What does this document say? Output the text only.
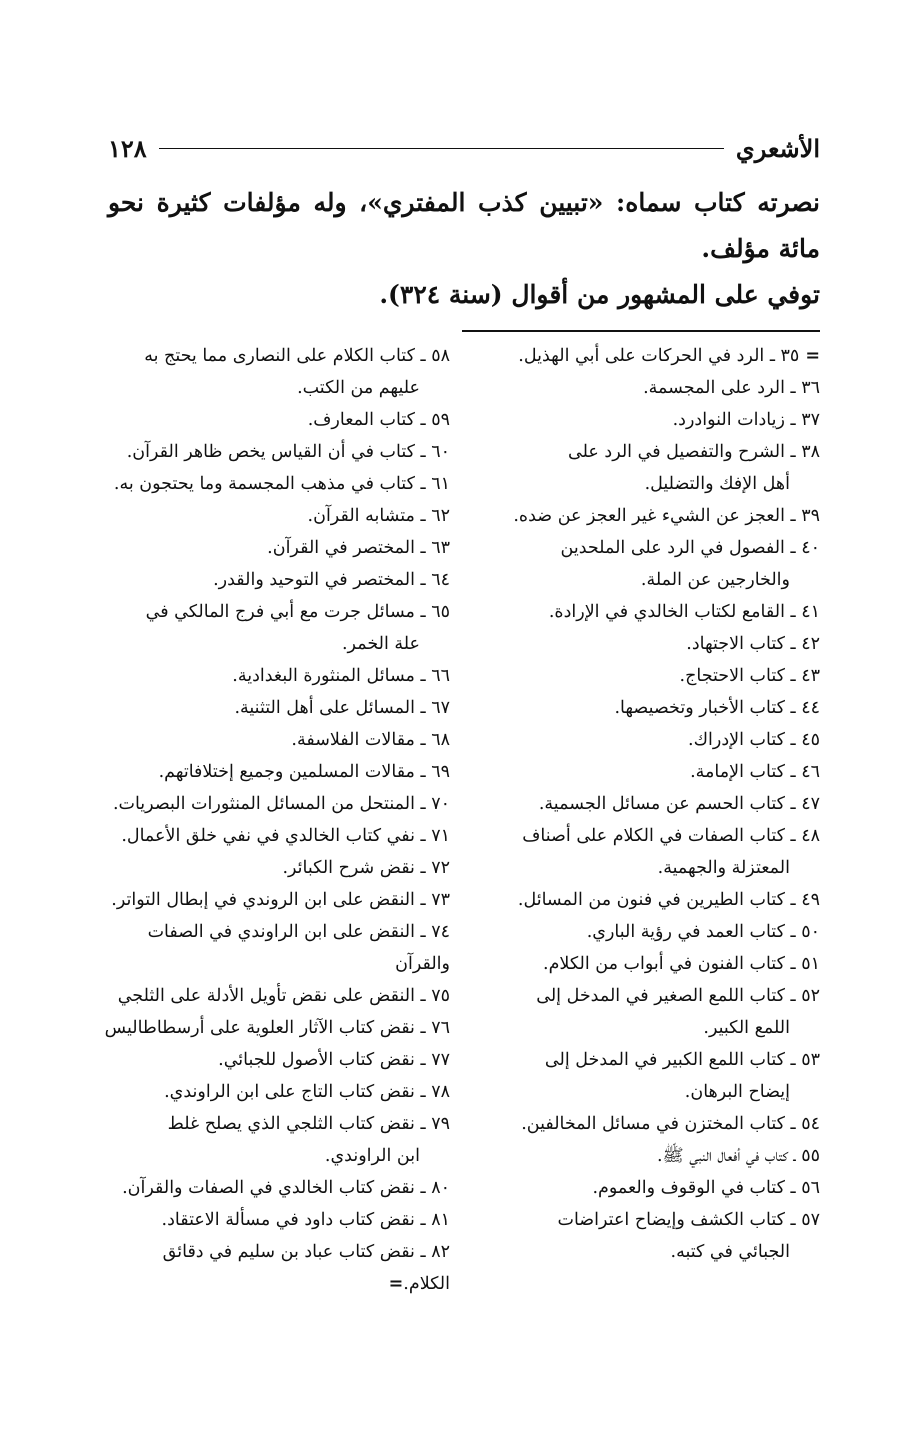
الأشعري
١٢٨

نصرته كتاب سماه: «تبيين كذب المفتري»، وله مؤلفات كثيرة نحو مائة مؤلف.

توفي على المشهور من أقوال (سنة ٣٢٤).

=٣٥ ـ الرد في الحركات على أبي الهذيل.
٣٦ ـ الرد على المجسمة.
٣٧ ـ زيادات النوادرد.
٣٨ ـ الشرح والتفصيل في الرد على
أهل الإفك والتضليل.
٣٩ ـ العجز عن الشيء غير العجز عن ضده.
٤٠ ـ الفصول في الرد على الملحدين
والخارجين عن الملة.
٤١ ـ القامع لكتاب الخالدي في الإرادة.
٤٢ ـ كتاب الاجتهاد.
٤٣ ـ كتاب الاحتجاج.
٤٤ ـ كتاب الأخبار وتخصيصها.
٤٥ ـ كتاب الإدراك.
٤٦ ـ كتاب الإمامة.
٤٧ ـ كتاب الحسم عن مسائل الجسمية.
٤٨ ـ كتاب الصفات في الكلام على أصناف
المعتزلة والجهمية.
٤٩ ـ كتاب الطيرين في فنون من المسائل.
٥٠ ـ كتاب العمد في رؤية الباري.
٥١ ـ كتاب الفنون في أبواب من الكلام.
٥٢ ـ كتاب اللمع الصغير في المدخل إلى
اللمع الكبير.
٥٣ ـ كتاب اللمع الكبير في المدخل إلى
إيضاح البرهان.
٥٤ ـ كتاب المختزن في مسائل المخالفين.
٥٥ ـ كتاب في أفعال النبي ﷺ.
٥٦ ـ كتاب في الوقوف والعموم.
٥٧ ـ كتاب الكشف وإيضاح اعتراضات
الجبائي في كتبه.
٥٨ ـ كتاب الكلام على النصارى مما يحتج به
عليهم من الكتب.
٥٩ ـ كتاب المعارف.
٦٠ ـ كتاب في أن القياس يخص ظاهر القرآن.
٦١ ـ كتاب في مذهب المجسمة وما يحتجون به.
٦٢ ـ متشابه القرآن.
٦٣ ـ المختصر في القرآن.
٦٤ ـ المختصر في التوحيد والقدر.
٦٥ ـ مسائل جرت مع أبي فرج المالكي في
علة الخمر.
٦٦ ـ مسائل المنثورة البغدادية.
٦٧ ـ المسائل على أهل التثنية.
٦٨ ـ مقالات الفلاسفة.
٦٩ ـ مقالات المسلمين وجميع إختلافاتهم.
٧٠ ـ المنتحل من المسائل المنثورات البصريات.
٧١ ـ نفي كتاب الخالدي في نفي خلق الأعمال.
٧٢ ـ نقض شرح الكبائر.
٧٣ ـ النقض على ابن الروندي في إبطال التواتر.
٧٤ ـ النقض على ابن الراوندي في الصفات والقرآن
٧٥ ـ النقض على نقض تأويل الأدلة على الثلجي
٧٦ ـ نقض كتاب الآثار العلوية على أرسطاطاليس
٧٧ ـ نقض كتاب الأصول للجبائي.
٧٨ ـ نقض كتاب التاج على ابن الراوندي.
٧٩ ـ نقض كتاب الثلجي الذي يصلح غلط
ابن الراوندي.
٨٠ ـ نقض كتاب الخالدي في الصفات والقرآن.
٨١ ـ نقض كتاب داود في مسألة الاعتقاد.
٨٢ ـ نقض كتاب عباد بن سليم في دقائق الكلام.=
